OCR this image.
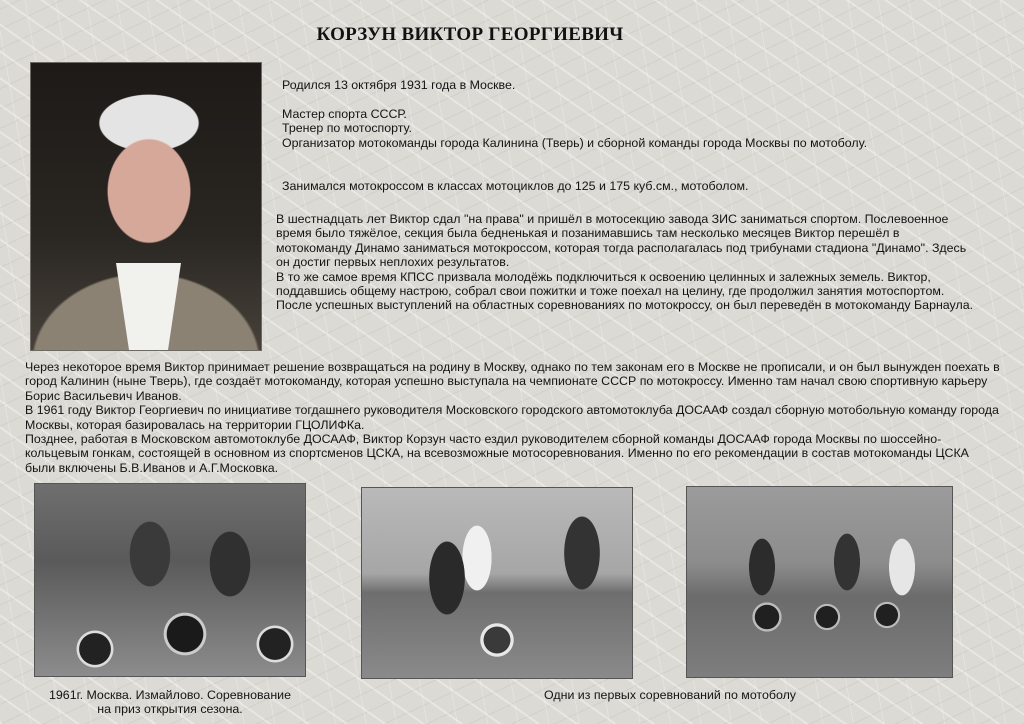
КОРЗУН ВИКТОР ГЕОРГИЕВИЧ

Родился 13 октября 1931 года в Москве.

Мастер спорта СССР.

Тренер по мотоспорту.

Организатор мотокоманды города Калинина (Тверь) и сборной команды города Москвы по мотоболу.

Занимался мотокроссом в классах мотоциклов до 125 и 175 куб.см., мотоболом.

В шестнадцать лет Виктор сдал "на права" и пришёл в мотосекцию завода ЗИС заниматься спортом. Послевоенное время было тяжёлое, секция была бедненькая и позанимавшись там несколько месяцев Виктор перешёл в мотокоманду Динамо заниматься мотокроссом, которая тогда располагалась под трибунами стадиона "Динамо". Здесь он достиг первых неплохих результатов.

В то же самое время КПСС призвала молодёжь подключиться к освоению целинных и залежных земель. Виктор, поддавшись общему настрою, собрал свои пожитки и тоже поехал на целину, где продолжил занятия мотоспортом.

После успешных выступлений на областных соревнованиях по мотокроссу, он был переведён в мотокоманду Барнаула.

Через некоторое время Виктор принимает решение возвращаться на родину в Москву, однако по тем законам его в Москве не прописали, и он был вынужден поехать в город Калинин (ныне Тверь), где создаёт мотокоманду, которая успешно выступала на чемпионате СССР по мотокроссу. Именно там начал свою спортивную карьеру Борис Васильевич Иванов.

В 1961 году Виктор Георгиевич по инициативе тогдашнего руководителя Московского городского автомотоклуба ДОСААФ создал сборную мотобольную команду города Москвы, которая базировалась на территории ГЦОЛИФКа.

Позднее, работая в Московском автомотоклубе ДОСААФ, Виктор Корзун часто ездил руководителем сборной команды ДОСААФ города Москвы по шоссейно-кольцевым гонкам, состоящей в основном из спортсменов ЦСКА, на всевозможные мотосоревнования. Именно по его рекомендации в состав мотокоманды ЦСКА были включены Б.В.Иванов и А.Г.Московка.

1961г. Москва. Измайлово. Соревнование
на приз открытия сезона.
Одни из первых соревнований по мотоболу
